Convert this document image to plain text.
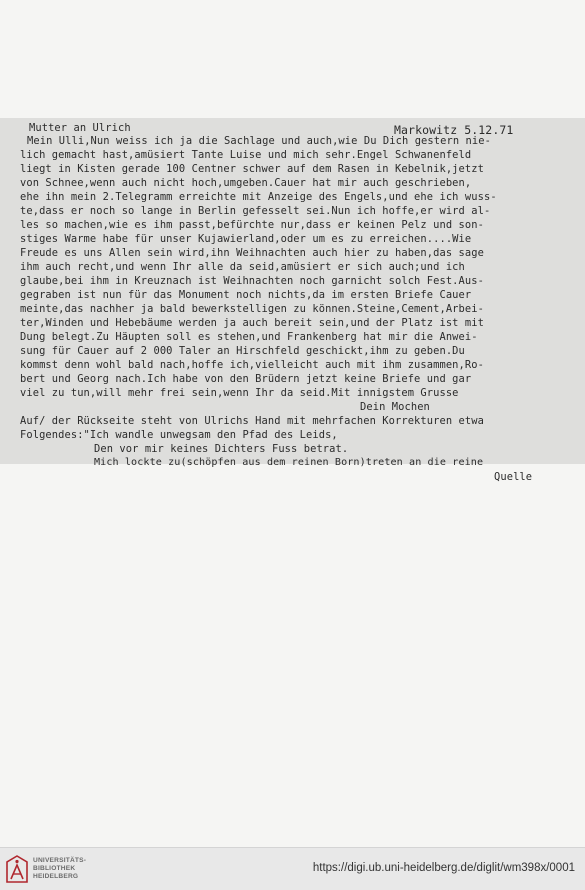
Mutter an Ulrich	Markowitz 5.12.71
Mein Ulli,Nun weiss ich ja die Sachlage und auch,wie Du Dich gestern nie-
lich gemacht hast,amüsiert Tante Luise und mich sehr.Engel Schwanenfeld
liegt in Kisten gerade 100 Centner schwer auf dem Rasen in Kebelnik,jetzt
von Schnee,wenn auch nicht hoch,umgeben.Cauer hat mir auch geschrieben,
ehe ihn mein 2.Telegramm erreichte mit Anzeige des Engels,und ehe ich wuss-
te,dass er noch so lange in Berlin gefesselt sei.Nun ich hoffe,er wird al-
les so machen,wie es ihm passt,befürchte nur,dass er keinen Pelz und son-
stiges Warme habe für unser Kujawierland,oder um es zu erreichen....Wie
Freude es uns Allen sein wird,ihn Weihnachten auch hier zu haben,das sage
ihm auch recht,und wenn Ihr alle da seid,amüsiert er sich auch;und ich
glaube,bei ihm in Kreuznach ist Weihnachten noch garnicht solch Fest.Aus-
gegraben ist nun für das Monument noch nichts,da im ersten Briefe Cauer
meinte,das nachher ja bald bewerkstelligen zu können.Steine,Cement,Arbei-
ter,Winden und Hebebäume werden ja auch bereit sein,und der Platz ist mit
Dung belegt.Zu Häupten soll es stehen,und Frankenberg hat mir die Anwei-
sung für Cauer auf 2 000 Taler an Hirschfeld geschickt,ihm zu geben.Du
kommst denn wohl bald nach,hoffe ich,vielleicht auch mit ihm zusammen,Ro-
bert und Georg nach.Ich habe von den Brüdern jetzt keine Briefe und gar
viel zu tun,will mehr frei sein,wenn Ihr da seid.Mit innigstem Grusse
Dein Mochen
Auf/ der Rückseite steht von Ulrichs Hand mit mehrfachen Korrekturen etwa
Folgendes:"Ich wandle unwegsam den Pfad des Leids,
Den vor mir keines Dichters Fuss betrat.
Mich lockte zu(schöpfen aus dem reinen Born)treten an die reine
Quelle
UNIVERSITÄTS-
BIBLIOTHEK
HEIDELBERG
https://digi.ub.uni-heidelberg.de/diglit/wm398x/0001
